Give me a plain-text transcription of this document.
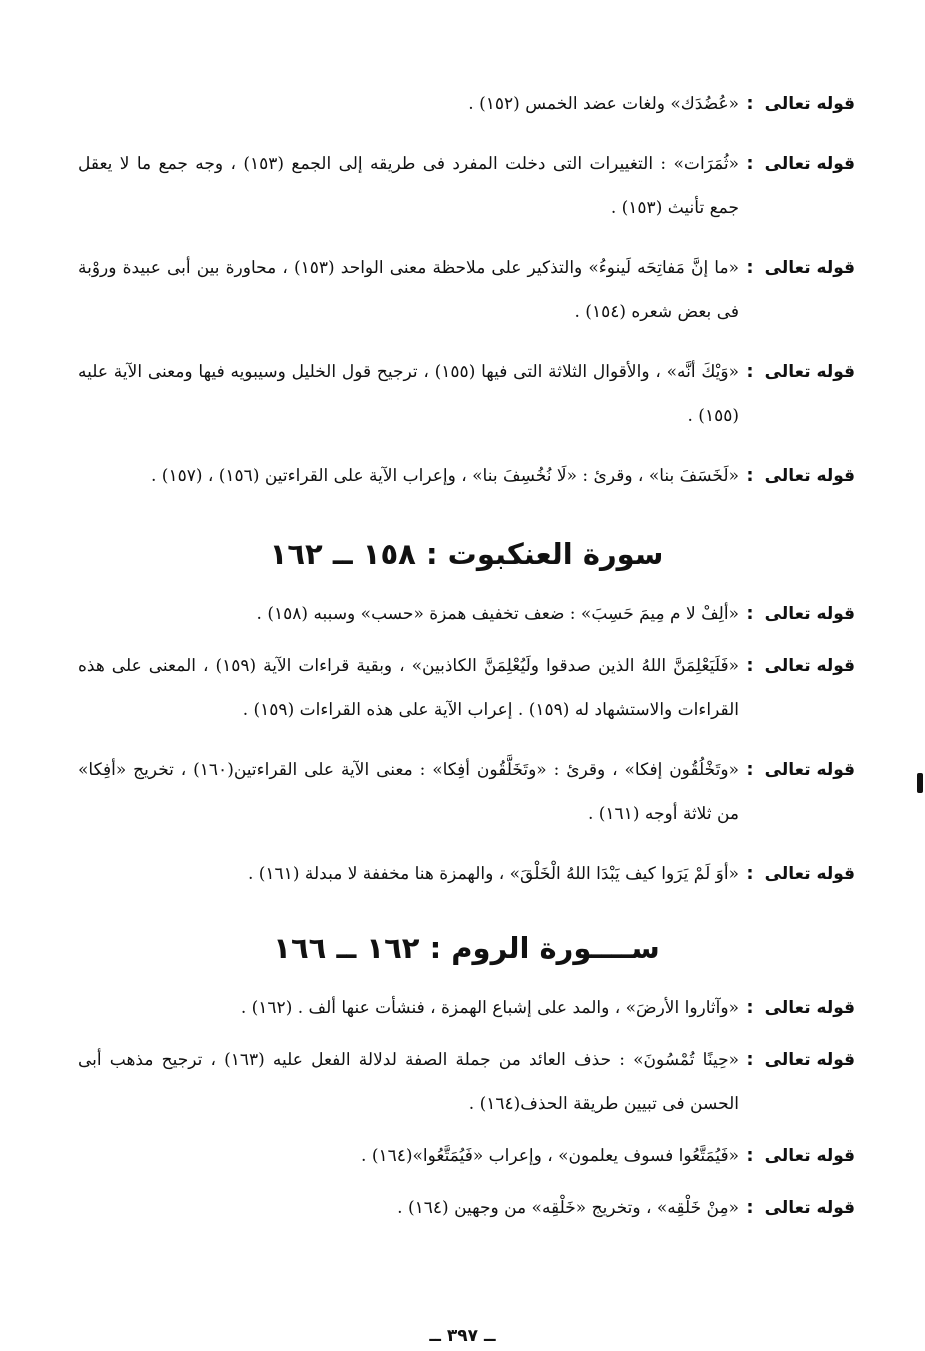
قوله تعالى
:
«عُضُدَك» ولغات عضد الخمس (١٥٢) .
قوله تعالى
:
«ثُمَرَات» : التغييرات التى دخلت المفرد فى طريقه إلى الجمع (١٥٣) ، وجه جمع ما لا يعقل جمع تأنيث (١٥٣) .
قوله تعالى
:
«ما إنَّ مَفاتِحَه لَينوءُ» والتذكير على ملاحظة معنى الواحد (١٥٣) ، محاورة بين أبى عبيدة وروْبة فى بعض شعره (١٥٤) .
قوله تعالى
:
«وَيْكَ أنَّه» ، والأقوال الثلاثة التى فيها (١٥٥) ، ترجيح قول الخليل وسيبويه فيها ومعنى الآية عليه (١٥٥) .
قوله تعالى
:
«لَخَسَفَ بنا» ، وقرئ : «لَا نُخُسِفَ بنا» ، وإعراب الآية على القراءتين (١٥٦) ، (١٥٧) .
سورة العنكبوت : ١٥٨ ــ ١٦٢
قوله تعالى
:
«ألِفْ لا م مِيمَ حَسِبَ» : ضعف تخفيف همزة «حسب» وسببه (١٥٨) .
قوله تعالى
:
«فَلَيَعْلِمَنَّ اللهُ الذين صدقوا ولَيُعْلِمَنَّ الكاذبين» ، وبقية قراءات الآية (١٥٩) ، المعنى على هذه القراءات والاستشهاد له (١٥٩) . إعراب الآية على هذه القراءات (١٥٩) .
قوله تعالى
:
«وتَخْلُقُون إفكا» ، وقرئ : «وتَخَلَّقُون أفِكا» : معنى الآية على القراءتين(١٦٠) ، تخريج «أفِكا» من ثلاثة أوجه (١٦١) .
قوله تعالى
:
«أوَ لَمْ يَرَوا كيف يَبْدَا اللهُ الْخَلْقَ» ، والهمزة هنا مخففة لا مبدلة (١٦١) .
ســــورة الروم : ١٦٢ ــ ١٦٦
قوله تعالى
:
«وآثاروا الأرضَ» ، والمد على إشباع الهمزة ، فنشأت عنها ألف . (١٦٢) .
قوله تعالى
:
«حِينًا تُمْسُونَ» : حذف العائد من جملة الصفة لدلالة الفعل عليه (١٦٣) ، ترجيح مذهب أبى الحسن فى تبيين طريقة الحذف(١٦٤) .
قوله تعالى
:
«فَيُمَتَّعُوا فسوف يعلمون» ، وإعراب «فَيُمَتَّعُوا»(١٦٤) .
قوله تعالى
:
«مِنْ خَلْقِه» ، وتخريج «خَلْقِه» من وجهين (١٦٤) .
ــ ٣٩٧ ــ
